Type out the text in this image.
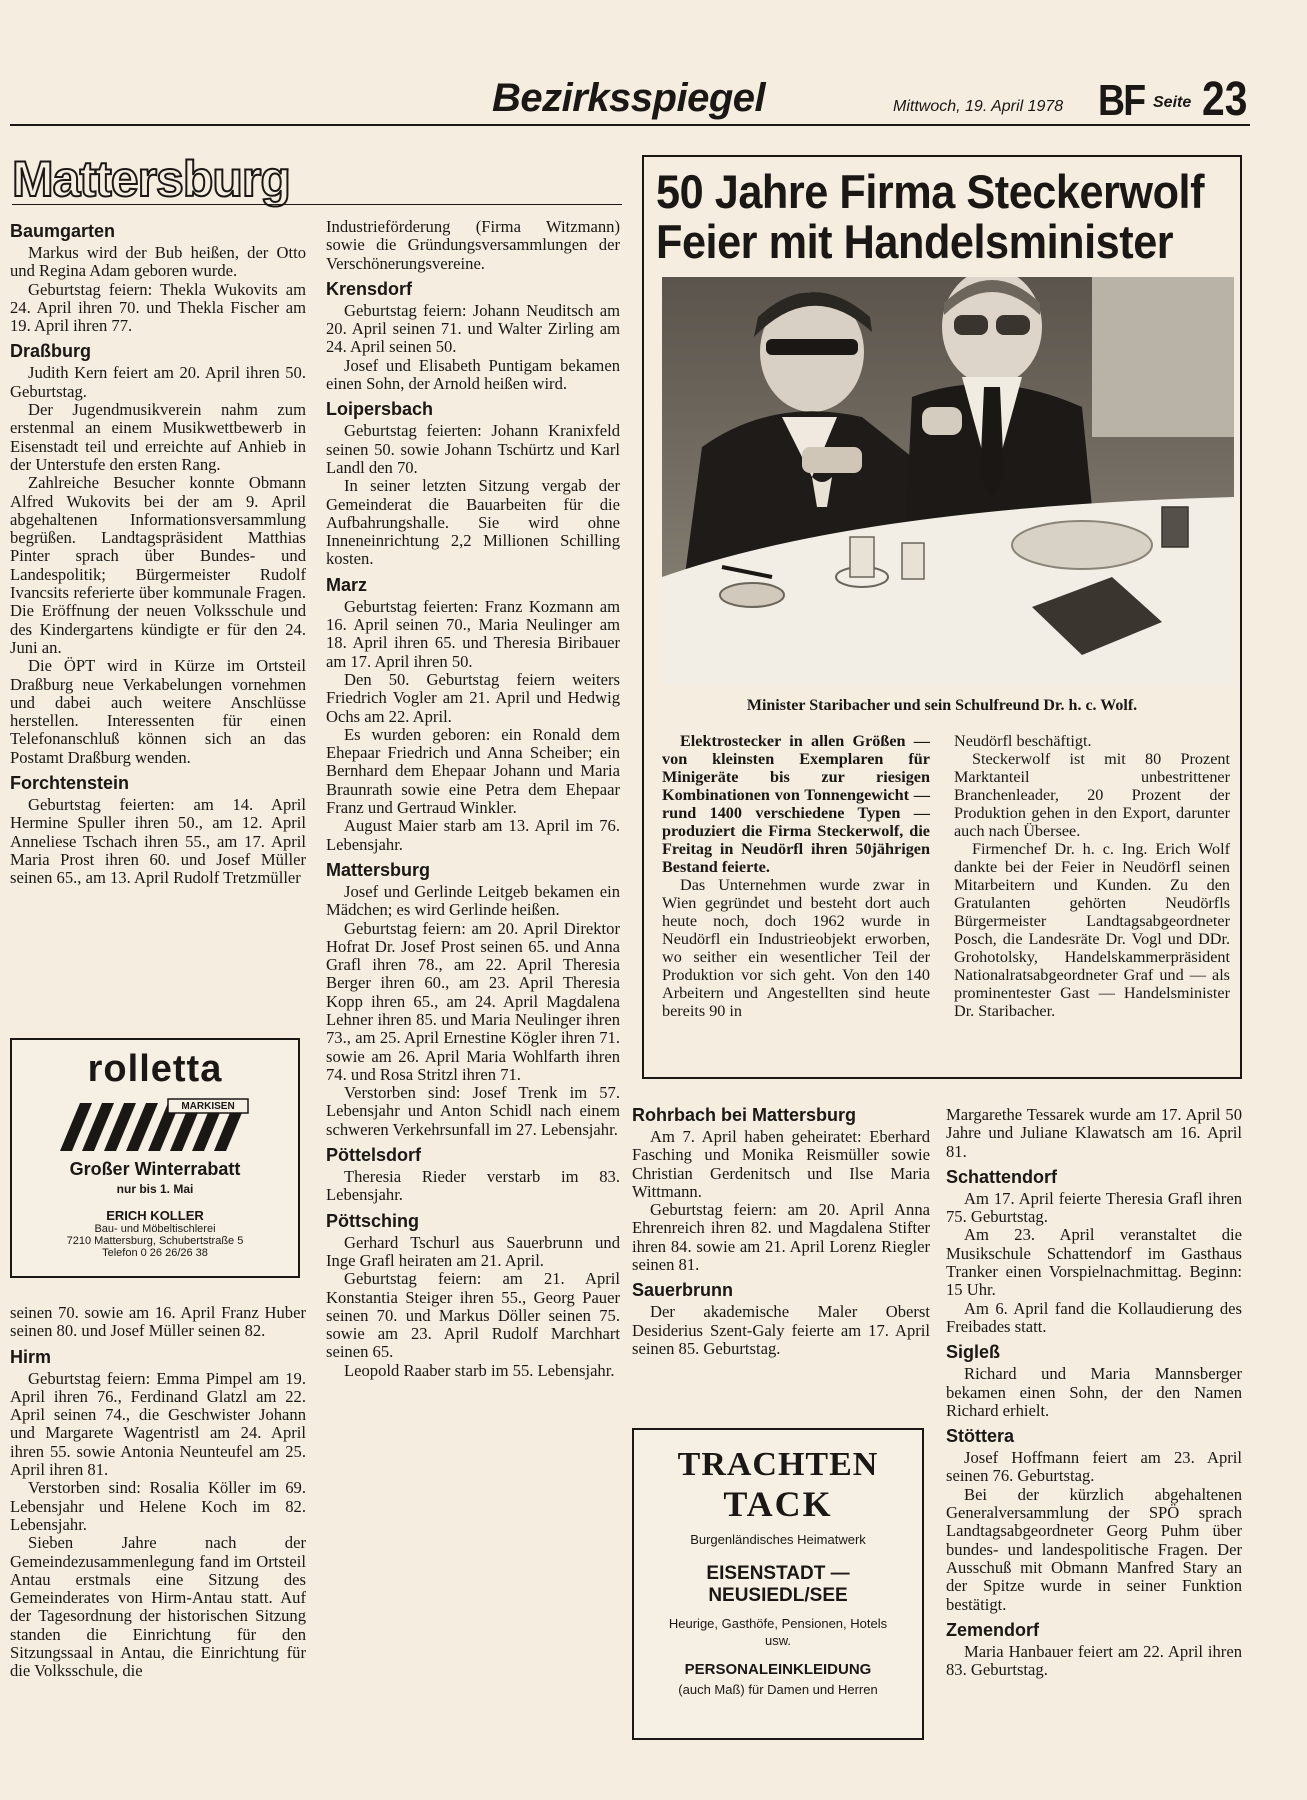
Bezirksspiegel	Mittwoch, 19. April 1978 BF Seite 23
Mattersburg
Baumgarten
Markus wird der Bub heißen, der Otto und Regina Adam geboren wurde.
Geburtstag feiern: Thekla Wukovits am 24. April ihren 70. und Thekla Fischer am 19. April ihren 77.
Draßburg
Judith Kern feiert am 20. April ihren 50. Geburtstag.
Der Jugendmusikverein nahm zum erstenmal an einem Musikwettbewerb in Eisenstadt teil und erreichte auf Anhieb in der Unterstufe den ersten Rang.
Zahlreiche Besucher konnte Obmann Alfred Wukovits bei der am 9. April abgehaltenen Informationsversammlung begrüßen. Landtagspräsident Matthias Pinter sprach über Bundes- und Landespolitik; Bürgermeister Rudolf Ivancsits referierte über kommunale Fragen. Die Eröffnung der neuen Volksschule und des Kindergartens kündigte er für den 24. Juni an.
Die ÖPT wird in Kürze im Ortsteil Draßburg neue Verkabelungen vornehmen und dabei auch weitere Anschlüsse herstellen. Interessenten für einen Telefonanschluß können sich an das Postamt Draßburg wenden.
Forchtenstein
Geburtstag feierten: am 14. April Hermine Spuller ihren 50., am 12. April Anneliese Tschach ihren 55., am 17. April Maria Prost ihren 60. und Josef Müller seinen 65., am 13. April Rudolf Tretzmüller
rolletta
MARKISEN
Großer Winterrabatt
nur bis 1. Mai
ERICH KOLLER
Bau- und Möbeltischlerei
7210 Mattersburg, Schubertstraße 5
Telefon 0 26 26/26 38
seinen 70. sowie am 16. April Franz Huber seinen 80. und Josef Müller seinen 82.
Hirm
Geburtstag feiern: Emma Pimpel am 19. April ihren 76., Ferdinand Glatzl am 22. April seinen 74., die Geschwister Johann und Margarete Wagentristl am 24. April ihren 55. sowie Antonia Neunteufel am 25. April ihren 81.
Verstorben sind: Rosalia Köller im 69. Lebensjahr und Helene Koch im 82. Lebensjahr.
Sieben Jahre nach der Gemeindezusammenlegung fand im Ortsteil Antau erstmals eine Sitzung des Gemeinderates von Hirm-Antau statt. Auf der Tagesordnung der historischen Sitzung standen die Einrichtung für den Sitzungssaal in Antau, die Einrichtung für die Volksschule, die
Industrieförderung (Firma Witzmann) sowie die Gründungsversammlungen der Verschönerungsvereine.
Krensdorf
Geburtstag feiern: Johann Neuditsch am 20. April seinen 71. und Walter Zirling am 24. April seinen 50.
Josef und Elisabeth Puntigam bekamen einen Sohn, der Arnold heißen wird.
Loipersbach
Geburtstag feierten: Johann Kranixfeld seinen 50. sowie Johann Tschürtz und Karl Landl den 70.
In seiner letzten Sitzung vergab der Gemeinderat die Bauarbeiten für die Aufbahrungshalle. Sie wird ohne Inneneinrichtung 2,2 Millionen Schilling kosten.
Marz
Geburtstag feierten: Franz Kozmann am 16. April seinen 70., Maria Neulinger am 18. April ihren 65. und Theresia Biribauer am 17. April ihren 50.
Den 50. Geburtstag feiern weiters Friedrich Vogler am 21. April und Hedwig Ochs am 22. April.
Es wurden geboren: ein Ronald dem Ehepaar Friedrich und Anna Scheiber; ein Bernhard dem Ehepaar Johann und Maria Braunrath sowie eine Petra dem Ehepaar Franz und Gertraud Winkler.
August Maier starb am 13. April im 76. Lebensjahr.
Mattersburg
Josef und Gerlinde Leitgeb bekamen ein Mädchen; es wird Gerlinde heißen.
Geburtstag feiern: am 20. April Direktor Hofrat Dr. Josef Prost seinen 65. und Anna Grafl ihren 78., am 22. April Theresia Berger ihren 60., am 23. April Theresia Kopp ihren 65., am 24. April Magdalena Lehner ihren 85. und Maria Neulinger ihren 73., am 25. April Ernestine Kögler ihren 71. sowie am 26. April Maria Wohlfarth ihren 74. und Rosa Stritzl ihren 71.
Verstorben sind: Josef Trenk im 57. Lebensjahr und Anton Schidl nach einem schweren Verkehrsunfall im 27. Lebensjahr.
Pöttelsdorf
Theresia Rieder verstarb im 83. Lebensjahr.
Pöttsching
Gerhard Tschurl aus Sauerbrunn und Inge Grafl heiraten am 21. April.
Geburtstag feiern: am 21. April Konstantia Steiger ihren 55., Georg Pauer seinen 70. und Markus Döller seinen 75. sowie am 23. April Rudolf Marchhart seinen 65.
Leopold Raaber starb im 55. Lebensjahr.
50 Jahre Firma Steckerwolf
Feier mit Handelsminister
Minister Staribacher und sein Schulfreund Dr. h. c. Wolf.
Elektrostecker in allen Größen — von kleinsten Exemplaren für Minigeräte bis zur riesigen Kombinationen von Tonnengewicht — rund 1400 verschiedene Typen — produziert die Firma Steckerwolf, die Freitag in Neudörfl ihren 50jährigen Bestand feierte.
Das Unternehmen wurde zwar in Wien gegründet und besteht dort auch heute noch, doch 1962 wurde in Neudörfl ein Industrieobjekt erworben, wo seither ein wesentlicher Teil der Produktion vor sich geht. Von den 140 Arbeitern und Angestellten sind heute bereits 90 in
Neudörfl beschäftigt.
Steckerwolf ist mit 80 Prozent Marktanteil unbestrittener Branchenleader, 20 Prozent der Produktion gehen in den Export, darunter auch nach Übersee.
Firmenchef Dr. h. c. Ing. Erich Wolf dankte bei der Feier in Neudörfl seinen Mitarbeitern und Kunden. Zu den Gratulanten gehörten Neudörfls Bürgermeister Landtagsabgeordneter Posch, die Landesräte Dr. Vogl und DDr. Grohotolsky, Handelskammerpräsident Nationalratsabgeordneter Graf und — als prominentester Gast — Handelsminister Dr. Staribacher.
Rohrbach bei Mattersburg
Am 7. April haben geheiratet: Eberhard Fasching und Monika Reismüller sowie Christian Gerdenitsch und Ilse Maria Wittmann.
Geburtstag feiern: am 20. April Anna Ehrenreich ihren 82. und Magdalena Stifter ihren 84. sowie am 21. April Lorenz Riegler seinen 81.
Sauerbrunn
Der akademische Maler Oberst Desiderius Szent-Galy feierte am 17. April seinen 85. Geburtstag.
TRACHTEN
TACK
Burgenländisches Heimatwerk
EISENSTADT —
NEUSIEDL/SEE
Heurige, Gasthöfe, Pensionen, Hotels usw.
PERSONALEINKLEIDUNG
(auch Maß) für Damen und Herren
Margarethe Tessarek wurde am 17. April 50 Jahre und Juliane Klawatsch am 16. April 81.
Schattendorf
Am 17. April feierte Theresia Grafl ihren 75. Geburtstag.
Am 23. April veranstaltet die Musikschule Schattendorf im Gasthaus Tranker einen Vorspielnachmittag. Beginn: 15 Uhr.
Am 6. April fand die Kollaudierung des Freibades statt.
Sigleß
Richard und Maria Mannsberger bekamen einen Sohn, der den Namen Richard erhielt.
Stöttera
Josef Hoffmann feiert am 23. April seinen 76. Geburtstag.
Bei der kürzlich abgehaltenen Generalversammlung der SPÖ sprach Landtagsabgeordneter Georg Puhm über bundes- und landespolitische Fragen. Der Ausschuß mit Obmann Manfred Stary an der Spitze wurde in seiner Funktion bestätigt.
Zemendorf
Maria Hanbauer feiert am 22. April ihren 83. Geburtstag.
